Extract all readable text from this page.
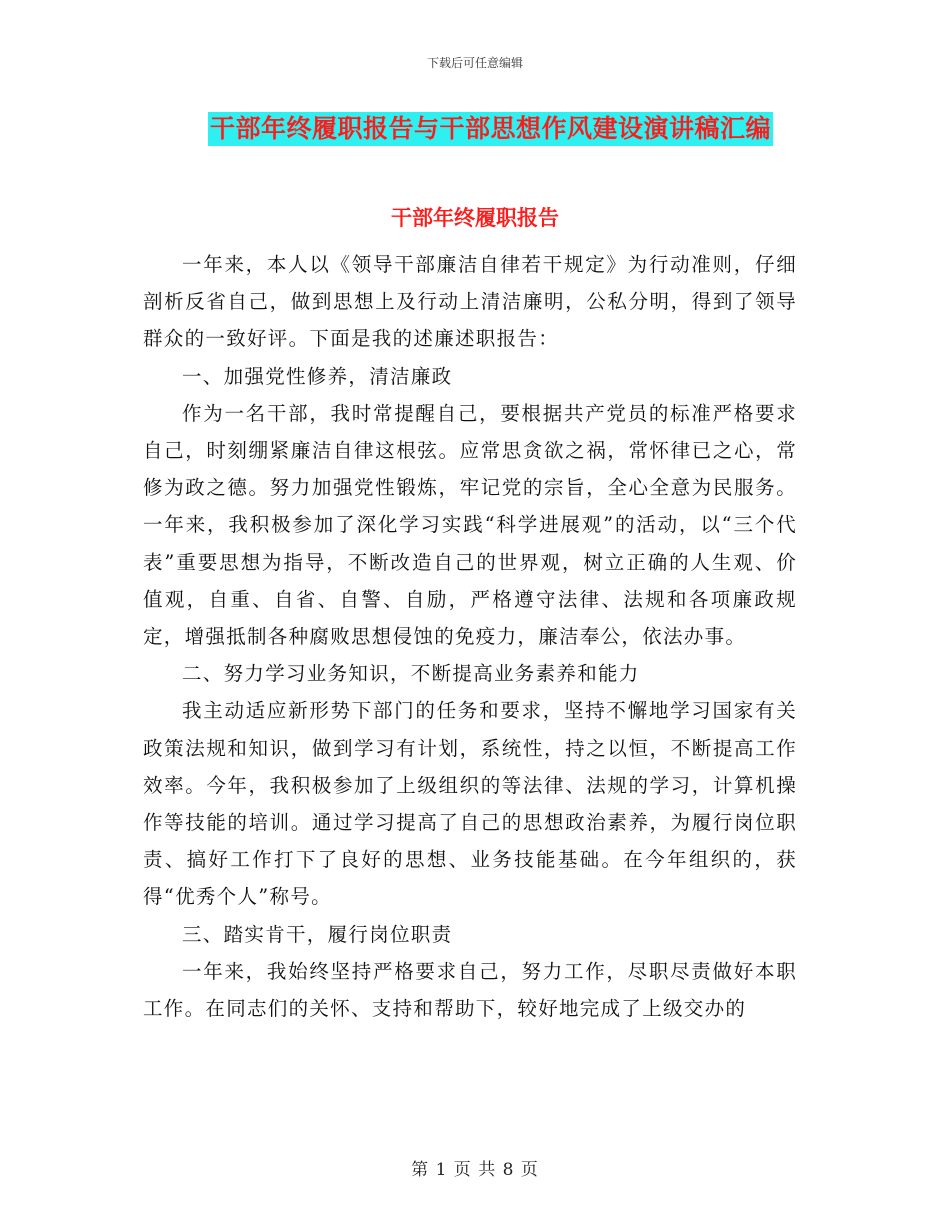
下载后可任意编辑
干部年终履职报告与干部思想作风建设演讲稿汇编
干部年终履职报告

一年来，本人以《领导干部廉洁自律若干规定》为行动准则，仔细剖析反省自己，做到思想上及行动上清洁廉明，公私分明，得到了领导群众的一致好评。下面是我的述廉述职报告：

一、加强党性修养，清洁廉政

作为一名干部，我时常提醒自己，要根据共产党员的标准严格要求自己，时刻绷紧廉洁自律这根弦。应常思贪欲之祸，常怀律已之心，常修为政之德。努力加强党性锻炼，牢记党的宗旨，全心全意为民服务。一年来，我积极参加了深化学习实践“科学进展观”的活动，以“三个代表”重要思想为指导，不断改造自己的世界观，树立正确的人生观、价值观，自重、自省、自警、自励，严格遵守法律、法规和各项廉政规定，增强抵制各种腐败思想侵蚀的免疫力，廉洁奉公，依法办事。

二、努力学习业务知识，不断提高业务素养和能力

我主动适应新形势下部门的任务和要求，坚持不懈地学习国家有关政策法规和知识，做到学习有计划，系统性，持之以恒，不断提高工作效率。今年，我积极参加了上级组织的等法律、法规的学习，计算机操作等技能的培训。通过学习提高了自己的思想政治素养，为履行岗位职责、搞好工作打下了良好的思想、业务技能基础。在今年组织的，获得“优秀个人”称号。

三、踏实肯干，履行岗位职责

一年来，我始终坚持严格要求自己，努力工作，尽职尽责做好本职工作。在同志们的关怀、支持和帮助下，较好地完成了上级交办的

第 1 页 共 8 页
